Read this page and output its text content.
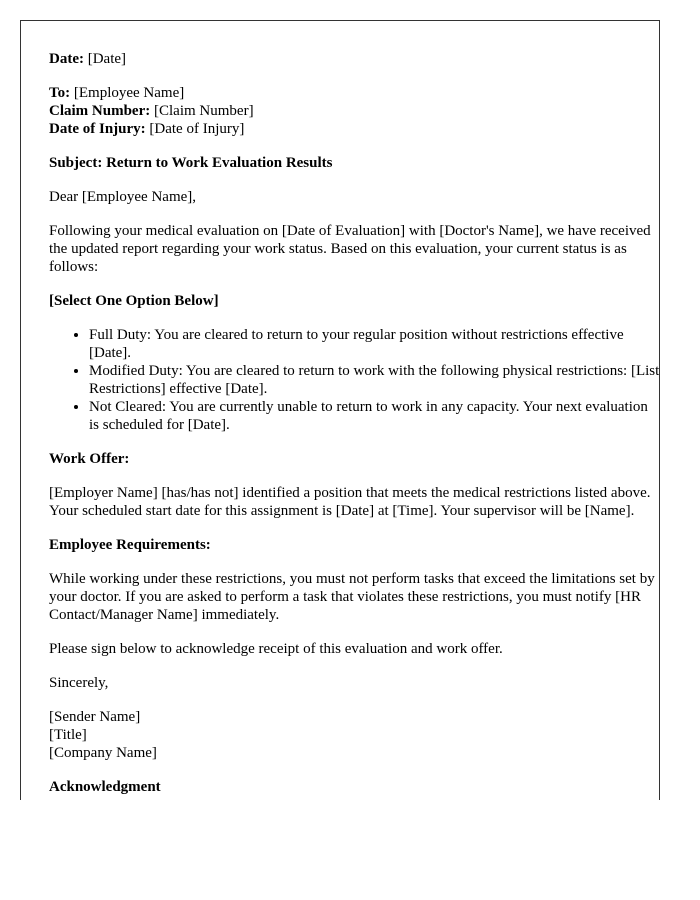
Date: [Date]

To: [Employee Name]
Claim Number: [Claim Number]
Date of Injury: [Date of Injury]

Subject: Return to Work Evaluation Results

Dear [Employee Name],

Following your medical evaluation on [Date of Evaluation] with [Doctor's Name], we have received the updated report regarding your work status. Based on this evaluation, your current status is as follows:

[Select One Option Below]

• Full Duty: You are cleared to return to your regular position without restrictions effective [Date].
• Modified Duty: You are cleared to return to work with the following physical restrictions: [List Restrictions] effective [Date].
• Not Cleared: You are currently unable to return to work in any capacity. Your next evaluation is scheduled for [Date].

Work Offer:

[Employer Name] [has/has not] identified a position that meets the medical restrictions listed above. Your scheduled start date for this assignment is [Date] at [Time]. Your supervisor will be [Name].

Employee Requirements:

While working under these restrictions, you must not perform tasks that exceed the limitations set by your doctor. If you are asked to perform a task that violates these restrictions, you must notify [HR Contact/Manager Name] immediately.

Please sign below to acknowledge receipt of this evaluation and work offer.

Sincerely,

[Sender Name]
[Title]
[Company Name]

Acknowledgment
